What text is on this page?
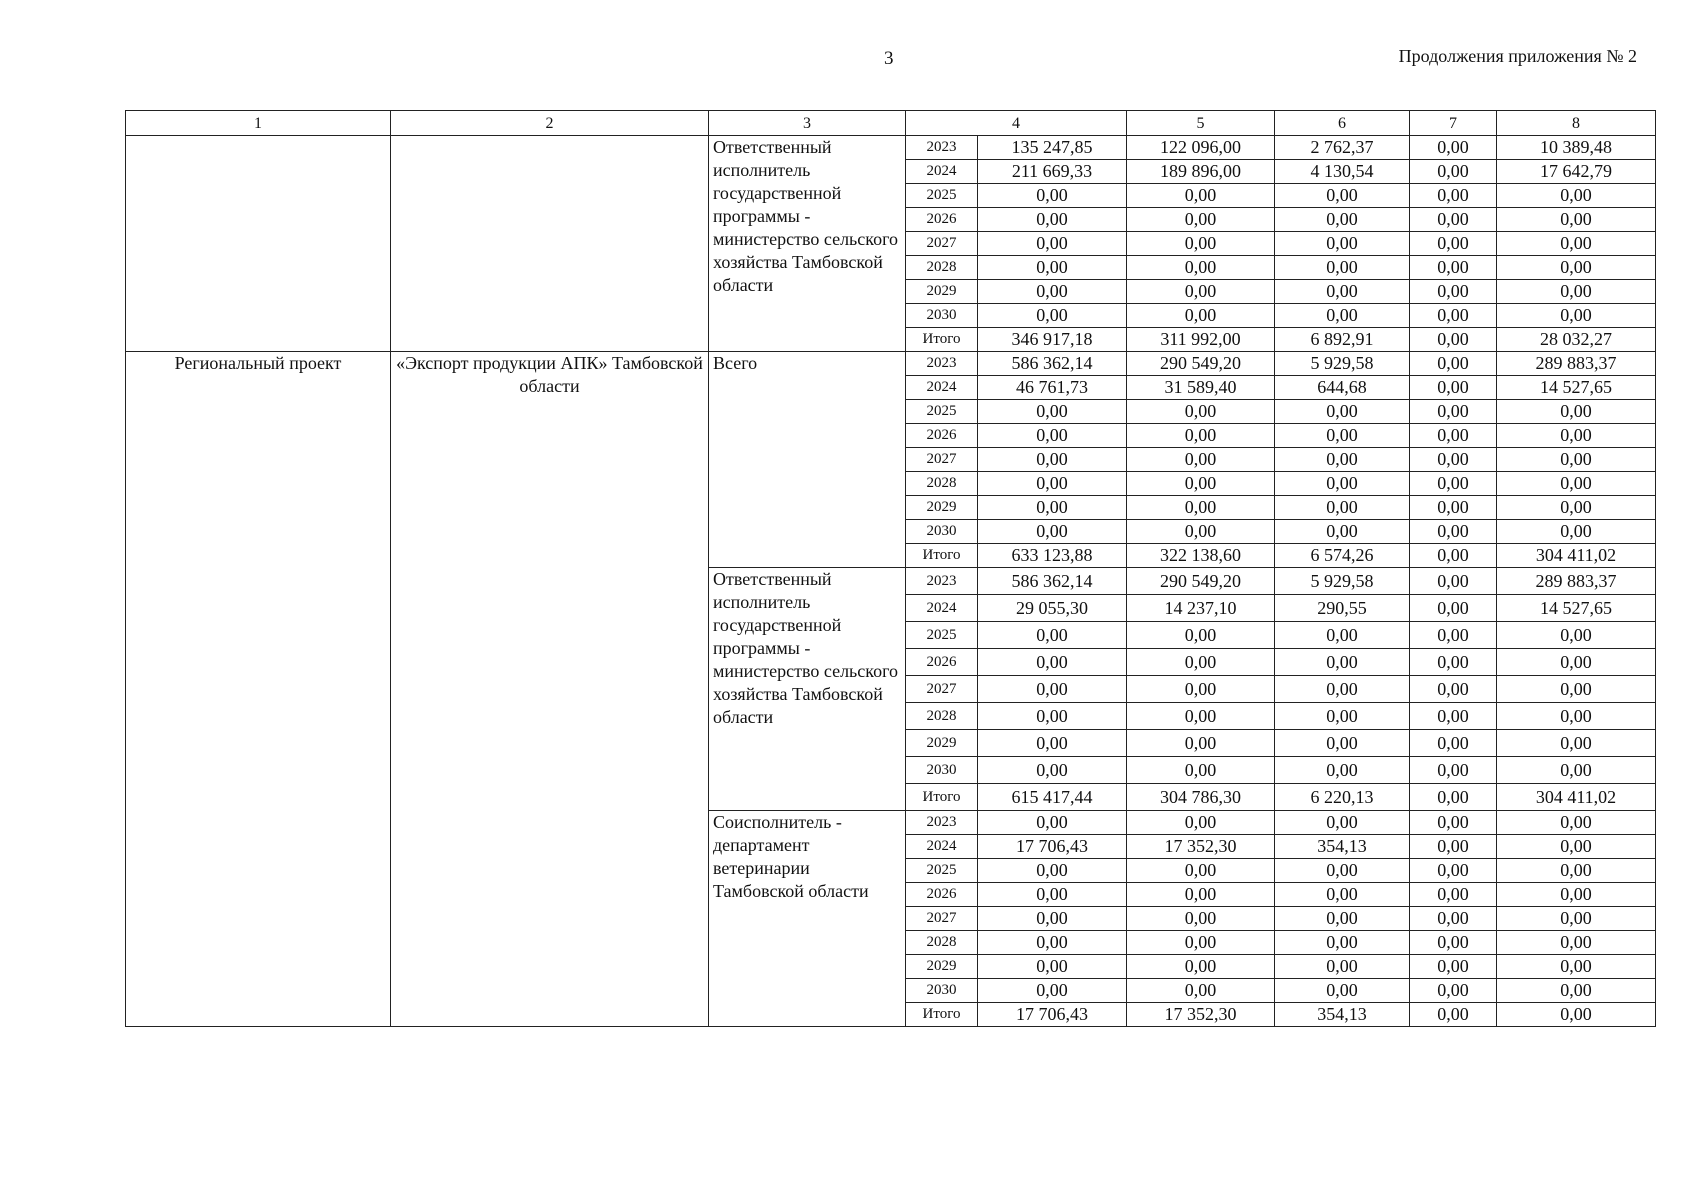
3	Продолжения приложения № 2
1	2	3	4		5	6	7	8
		Ответственный исполнитель государственной программы - министерство сельского хозяйства Тамбовской области	2023	135 247,85	122 096,00	2 762,37	0,00	10 389,48
			2024	211 669,33	189 896,00	4 130,54	0,00	17 642,79
			2025	0,00	0,00	0,00	0,00	0,00
			2026	0,00	0,00	0,00	0,00	0,00
			2027	0,00	0,00	0,00	0,00	0,00
			2028	0,00	0,00	0,00	0,00	0,00
			2029	0,00	0,00	0,00	0,00	0,00
			2030	0,00	0,00	0,00	0,00	0,00
			Итого	346 917,18	311 992,00	6 892,91	0,00	28 032,27
Региональный проект	«Экспорт продукции АПК» Тамбовской области	Всего	2023	586 362,14	290 549,20	5 929,58	0,00	289 883,37
			2024	46 761,73	31 589,40	644,68	0,00	14 527,65
			2025	0,00	0,00	0,00	0,00	0,00
			2026	0,00	0,00	0,00	0,00	0,00
			2027	0,00	0,00	0,00	0,00	0,00
			2028	0,00	0,00	0,00	0,00	0,00
			2029	0,00	0,00	0,00	0,00	0,00
			2030	0,00	0,00	0,00	0,00	0,00
			Итого	633 123,88	322 138,60	6 574,26	0,00	304 411,02
		Ответственный исполнитель государственной программы - министерство сельского хозяйства Тамбовской области	2023	586 362,14	290 549,20	5 929,58	0,00	289 883,37
			2024	29 055,30	14 237,10	290,55	0,00	14 527,65
			2025	0,00	0,00	0,00	0,00	0,00
			2026	0,00	0,00	0,00	0,00	0,00
			2027	0,00	0,00	0,00	0,00	0,00
			2028	0,00	0,00	0,00	0,00	0,00
			2029	0,00	0,00	0,00	0,00	0,00
			2030	0,00	0,00	0,00	0,00	0,00
			Итого	615 417,44	304 786,30	6 220,13	0,00	304 411,02
		Соисполнитель - департамент ветеринарии Тамбовской области	2023	0,00	0,00	0,00	0,00	0,00
			2024	17 706,43	17 352,30	354,13	0,00	0,00
			2025	0,00	0,00	0,00	0,00	0,00
			2026	0,00	0,00	0,00	0,00	0,00
			2027	0,00	0,00	0,00	0,00	0,00
			2028	0,00	0,00	0,00	0,00	0,00
			2029	0,00	0,00	0,00	0,00	0,00
			2030	0,00	0,00	0,00	0,00	0,00
			Итого	17 706,43	17 352,30	354,13	0,00	0,00
